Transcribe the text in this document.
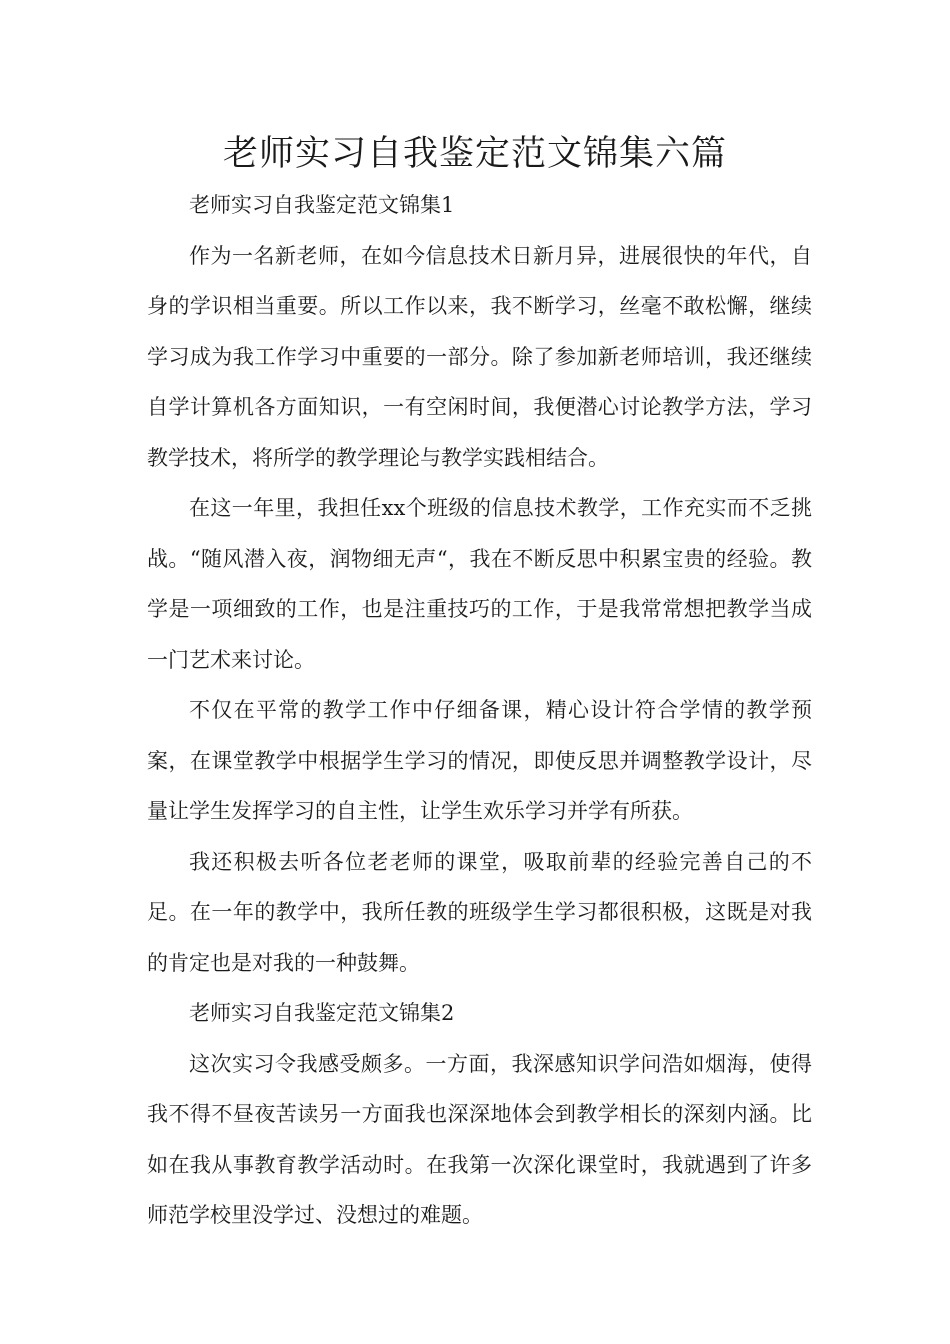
老师实习自我鉴定范文锦集六篇

老师实习自我鉴定范文锦集1

作为一名新老师，在如今信息技术日新月异，进展很快的年代，自身的学识相当重要。所以工作以来，我不断学习，丝毫不敢松懈，继续学习成为我工作学习中重要的一部分。除了参加新老师培训，我还继续自学计算机各方面知识，一有空闲时间，我便潜心讨论教学方法，学习教学技术，将所学的教学理论与教学实践相结合。

在这一年里，我担任xx个班级的信息技术教学，工作充实而不乏挑战。“随风潜入夜，润物细无声“，我在不断反思中积累宝贵的经验。教学是一项细致的工作，也是注重技巧的工作，于是我常常想把教学当成一门艺术来讨论。

不仅在平常的教学工作中仔细备课，精心设计符合学情的教学预案，在课堂教学中根据学生学习的情况，即使反思并调整教学设计，尽量让学生发挥学习的自主性，让学生欢乐学习并学有所获。

我还积极去听各位老老师的课堂，吸取前辈的经验完善自己的不足。在一年的教学中，我所任教的班级学生学习都很积极，这既是对我的肯定也是对我的一种鼓舞。

老师实习自我鉴定范文锦集2

这次实习令我感受颇多。一方面，我深感知识学问浩如烟海，使得我不得不昼夜苦读另一方面我也深深地体会到教学相长的深刻内涵。比如在我从事教育教学活动时。在我第一次深化课堂时，我就遇到了许多师范学校里没学过、没想过的难题。
